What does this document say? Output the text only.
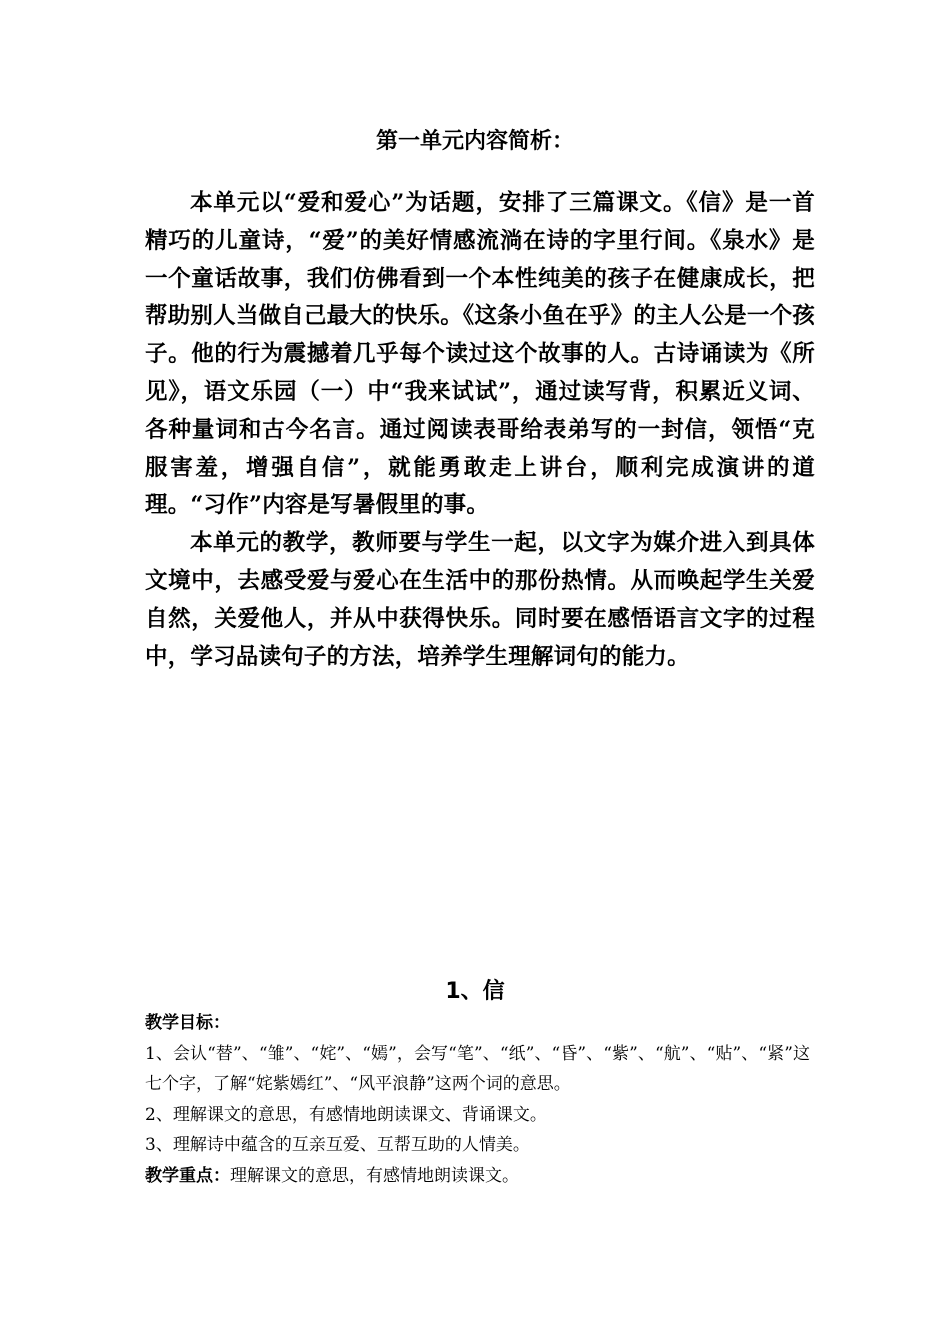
第一单元内容简析：

本单元以“爱和爱心”为话题，安排了三篇课文。《信》是一首精巧的儿童诗，“爱”的美好情感流淌在诗的字里行间。《泉水》是一个童话故事，我们仿佛看到一个本性纯美的孩子在健康成长，把帮助别人当做自己最大的快乐。《这条小鱼在乎》的主人公是一个孩子。他的行为震撼着几乎每个读过这个故事的人。古诗诵读为《所见》，语文乐园（一）中“我来试试”，通过读写背，积累近义词、各种量词和古今名言。通过阅读表哥给表弟写的一封信，领悟“克服害羞，增强自信”，就能勇敢走上讲台，顺利完成演讲的道理。“习作”内容是写暑假里的事。

本单元的教学，教师要与学生一起，以文字为媒介进入到具体文境中，去感受爱与爱心在生活中的那份热情。从而唤起学生关爱自然，关爱他人，并从中获得快乐。同时要在感悟语言文字的过程中，学习品读句子的方法，培养学生理解词句的能力。

1、信

教学目标：

1、会认“替”、“雏”、“姹”、“嫣”，会写“笔”、“纸”、“昏”、“紫”、“航”、“贴”、“紧”这七个字，了解“姹紫嫣红”、“风平浪静”这两个词的意思。

2、理解课文的意思，有感情地朗读课文、背诵课文。

3、理解诗中蕴含的互亲互爱、互帮互助的人情美。

教学重点：理解课文的意思，有感情地朗读课文。
